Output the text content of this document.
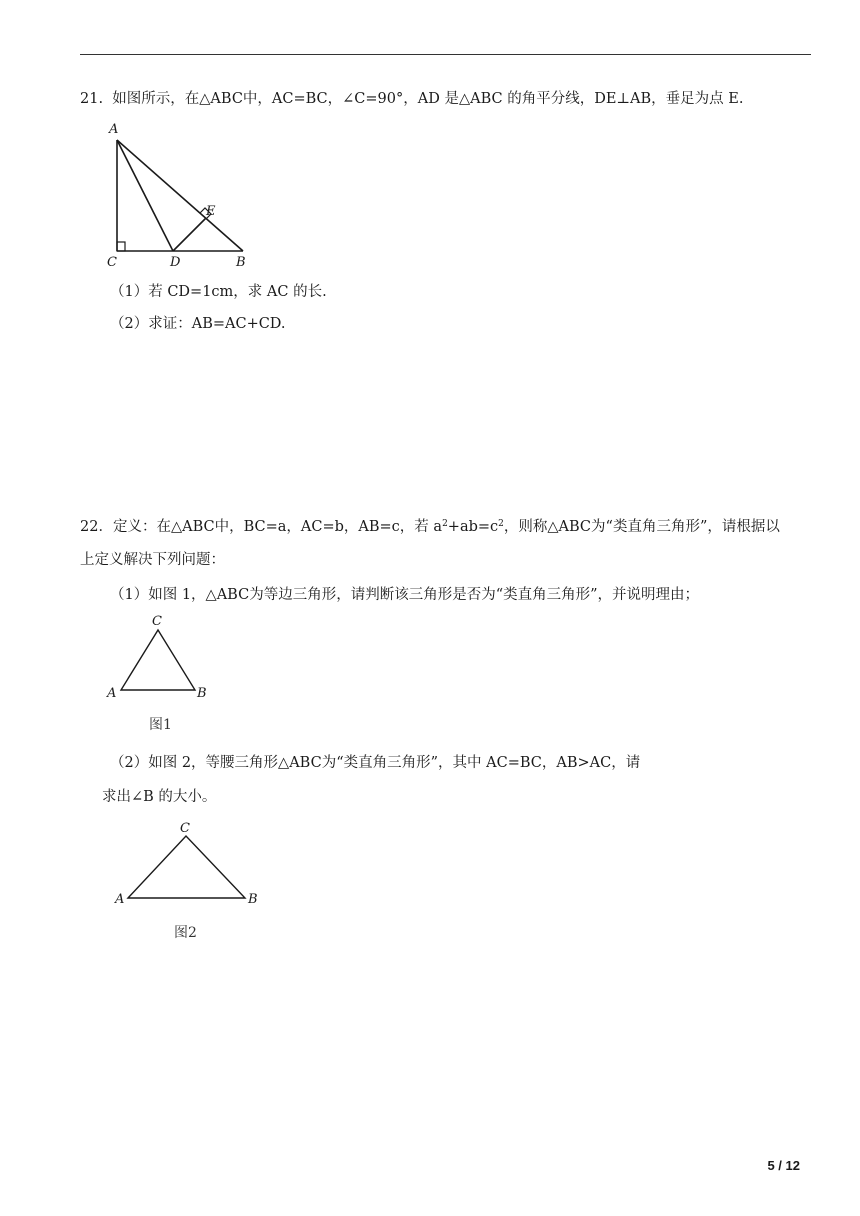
21. 如图所示，在△ABC中，AC=BC，∠C=90°，AD 是△ABC 的角平分线，DE⊥AB，垂足为点 E.
A
E
C	D	B
（1）若 CD=1cm，求 AC 的长.
（2）求证：AB=AC+CD.
22．定义：在△ABC中，BC=a，AC=b，AB=c，若 $a^2+ab=c^2$，则称△ABC为“类直角三角形”，请根据以
上定义解决下列问题：
（1）如图 1，△ABC为等边三角形，请判断该三角形是否为“类直角三角形”，并说明理由；
C
A	B
图1
（2）如图 2，等腰三角形△ABC为“类直角三角形”，其中 AC=BC，AB>AC，请
求出∠B 的大小。
C
A	B
图2
5 / 12
